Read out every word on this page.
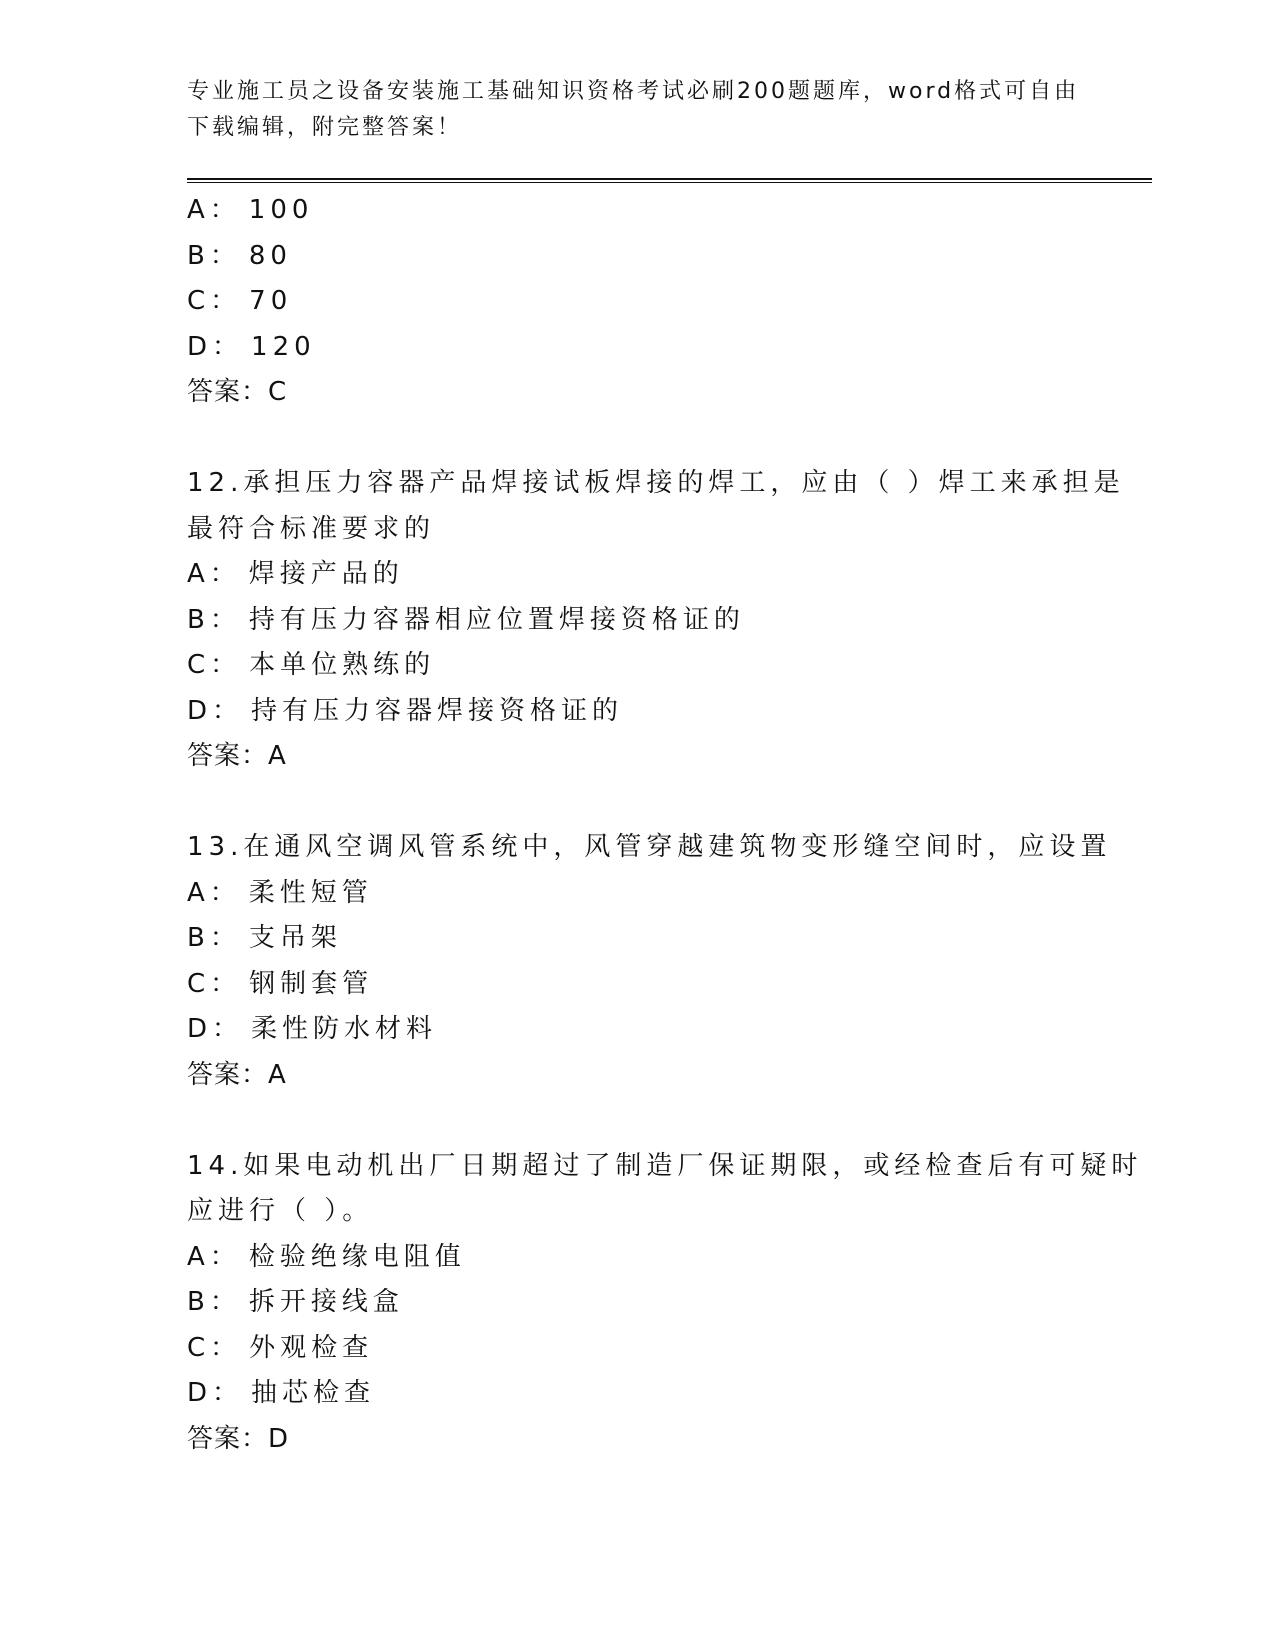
专业施工员之设备安装施工基础知识资格考试必刷200题题库，word格式可自由
下载编辑，附完整答案！
A： 100
B： 80
C： 70
D： 120
答案：C
12.承担压力容器产品焊接试板焊接的焊工，应由（ ）焊工来承担是
最符合标准要求的
A： 焊接产品的
B： 持有压力容器相应位置焊接资格证的
C： 本单位熟练的
D： 持有压力容器焊接资格证的
答案：A
13.在通风空调风管系统中，风管穿越建筑物变形缝空间时，应设置
A： 柔性短管
B： 支吊架
C： 钢制套管
D： 柔性防水材料
答案：A
14.如果电动机出厂日期超过了制造厂保证期限，或经检查后有可疑时
应进行（ ）。
A： 检验绝缘电阻值
B： 拆开接线盒
C： 外观检查
D： 抽芯检查
答案：D
